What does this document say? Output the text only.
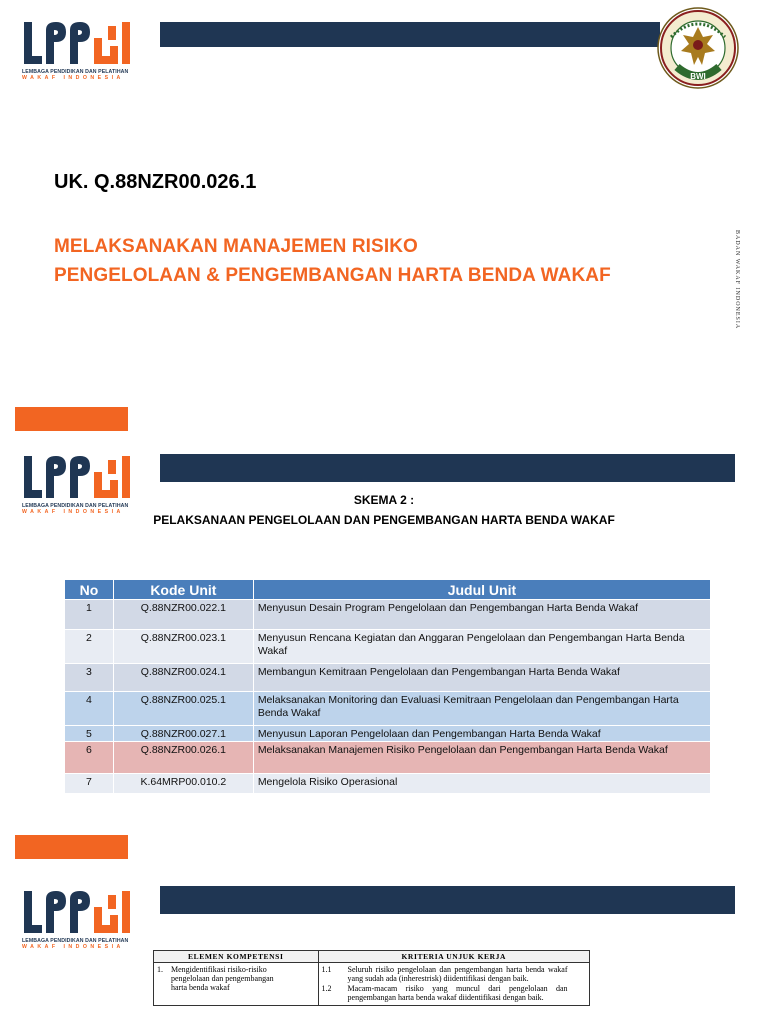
LEMBAGA PENDIDIKAN DAN PELATIHAN
WAKAF INDONESIA	BWI
UK. Q.88NZR00.026.1
MELAKSANAKAN MANAJEMEN RISIKO
PENGELOLAAN & PENGEMBANGAN HARTA BENDA WAKAF	BADAN WAKAF INDONESIA
LEMBAGA PENDIDIKAN DAN PELATIHAN
WAKAF INDONESIA
SKEMA 2 :
PELAKSANAAN PENGELOLAAN DAN PENGEMBANGAN HARTA BENDA WAKAF
No	Kode Unit	Judul Unit
1	Q.88NZR00.022.1	Menyusun Desain Program Pengelolaan dan Pengembangan Harta Benda Wakaf
2	Q.88NZR00.023.1	Menyusun Rencana Kegiatan dan Anggaran Pengelolaan dan Pengembangan Harta Benda Wakaf
3	Q.88NZR00.024.1	Membangun Kemitraan Pengelolaan dan Pengembangan Harta Benda Wakaf
4	Q.88NZR00.025.1	Melaksanakan Monitoring dan Evaluasi Kemitraan Pengelolaan dan Pengembangan Harta Benda Wakaf
5	Q.88NZR00.027.1	Menyusun Laporan Pengelolaan dan Pengembangan Harta Benda Wakaf
6	Q.88NZR00.026.1	Melaksanakan Manajemen Risiko Pengelolaan dan Pengembangan Harta Benda Wakaf
7	K.64MRP00.010.2	Mengelola Risiko Operasional
LEMBAGA PENDIDIKAN DAN PELATIHAN
WAKAF INDONESIA
ELEMEN KOMPETENSI	KRITERIA UNJUK KERJA
1. Mengidentifikasi risiko-risiko pengelolaan dan pengembangan harta benda wakaf	1.1 Seluruh risiko pengelolaan dan pengembangan harta benda wakaf yang sudah ada (inherestrisk) diidentifikasi dengan baik.
1.2 Macam-macam risiko yang muncul dari pengelolaan dan pengembangan harta benda wakaf diidentifikasi dengan baik.
